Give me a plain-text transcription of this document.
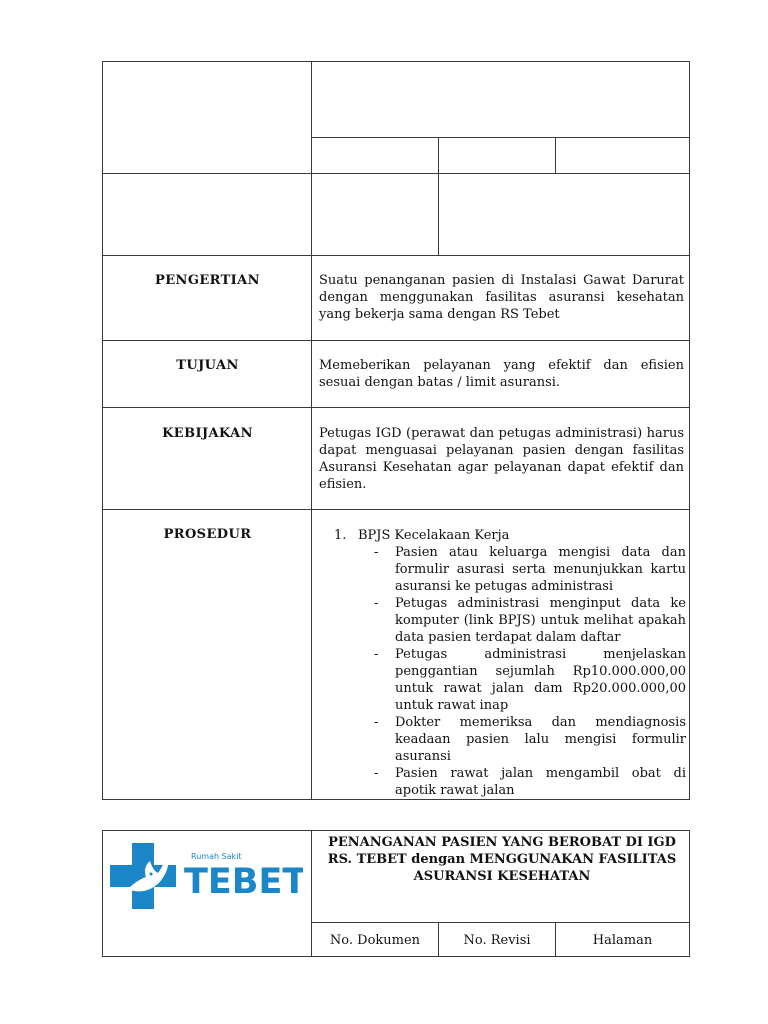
PENGERTIAN	Suatu penanganan pasien di Instalasi Gawat Darurat dengan menggunakan fasilitas asuransi kesehatan yang bekerja sama dengan RS Tebet
TUJUAN	Memeberikan pelayanan yang efektif dan efisien sesuai dengan batas / limit asuransi.
KEBIJAKAN	Petugas IGD (perawat dan petugas administrasi) harus dapat menguasai pelayanan pasien dengan fasilitas Asuransi Kesehatan agar pelayanan dapat efektif dan efisien.
PROSEDUR	1. BPJS Kecelakaan Kerja
- Pasien atau keluarga mengisi data dan formulir asurasi serta menunjukkan kartu asuransi ke petugas administrasi
- Petugas administrasi menginput data ke komputer (link BPJS) untuk melihat apakah data pasien terdapat dalam daftar
- Petugas administrasi menjelaskan penggantian sejumlah Rp10.000.000,00 untuk rawat jalan dam Rp20.000.000,00 untuk rawat inap
- Dokter memeriksa dan mendiagnosis keadaan pasien lalu mengisi formulir asuransi
- Pasien rawat jalan mengambil obat di apotik rawat jalan
Rumah Sakit
TEBET
PENANGANAN PASIEN YANG BEROBAT DI IGD RS. TEBET dengan MENGGUNAKAN FASILITAS ASURANSI KESEHATAN
No. Dokumen	No. Revisi	Halaman
